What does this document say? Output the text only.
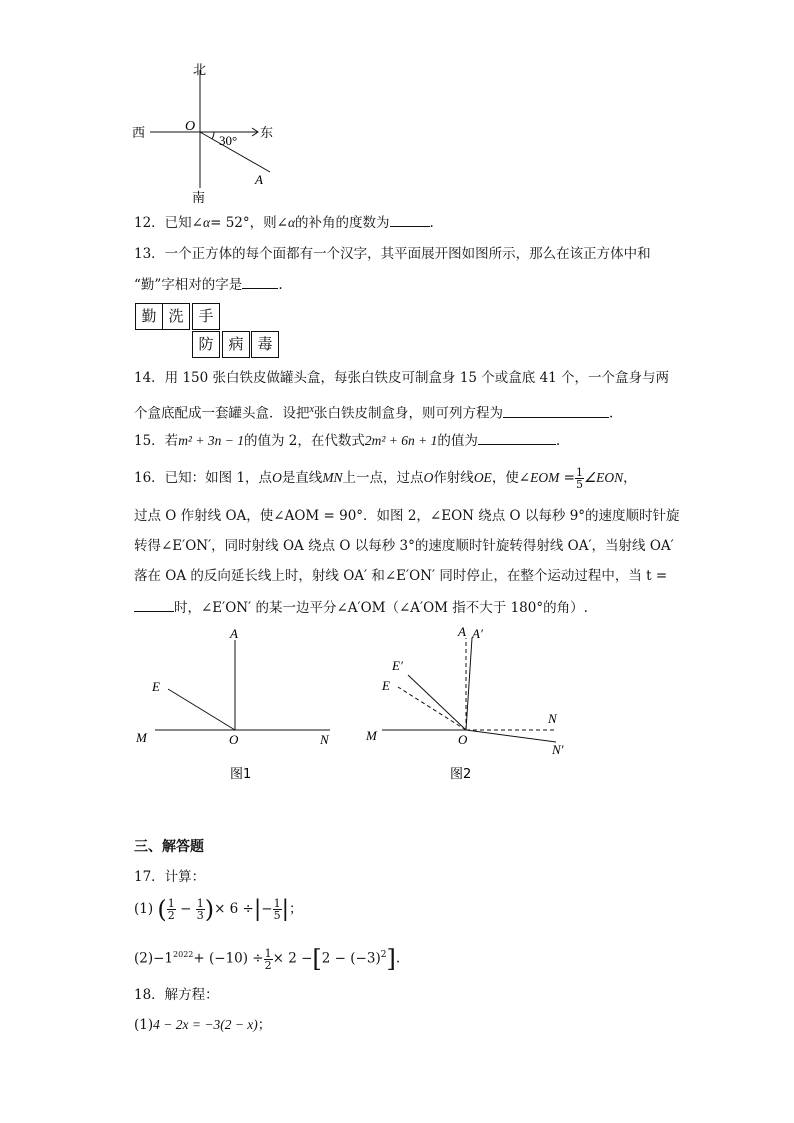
北
南
西	东
O
A
30°
12．已知∠α= 52°，则∠α的补角的度数为	.
13．一个正方体的每个面都有一个汉字，其平面展开图如图所示，那么在该正方体中和
“勤”字相对的字是	.
勤 洗 手
防 病 毒
14．用 150 张白铁皮做罐头盒，每张白铁皮可制盒身 15 个或盒底 41 个，一个盒身与两
个盒底配成一套罐头盒．设把$^x$张白铁皮制盒身，则可列方程为	.
15．若m² + 3n − 1的值为 2，在代数式2m² + 6n + 1的值为	.
16．已知：如图 1，点O是直线MN上一点，过点O作射线OE，使∠EOM = $\frac{1}{5}$ ∠EON，
过点 O 作射线 OA，使∠AOM = 90°．如图 2，∠EON 绕点 O 以每秒 9°的速度顺时针旋
转得∠E′ON′，同时射线 OA 绕点 O 以每秒 3°的速度顺时针旋转得射线 OA′，当射线 OA′
落在 OA 的反向延长线上时，射线 OA′ 和∠E′ON′ 同时停止，在整个运动过程中，当 t =
时，∠E′ON′ 的某一边平分∠A′OM（∠A′OM 指不大于 180°的角）.
A
E
M	O	N
图1
A A′
E′
E
M	O
N
N′
图2
三、解答题
17．计算：
(1) ( $\frac{1}{2} - \frac{1}{3}$ )× 6 ÷|− $\frac{1}{5}$ |；
$(2)-1^{2022}+ (-10) \div \frac{1}{2} \times 2 -[2 - (-3)^2]$.
18．解方程：
(1)4 − 2x = −3(2 − x)；
